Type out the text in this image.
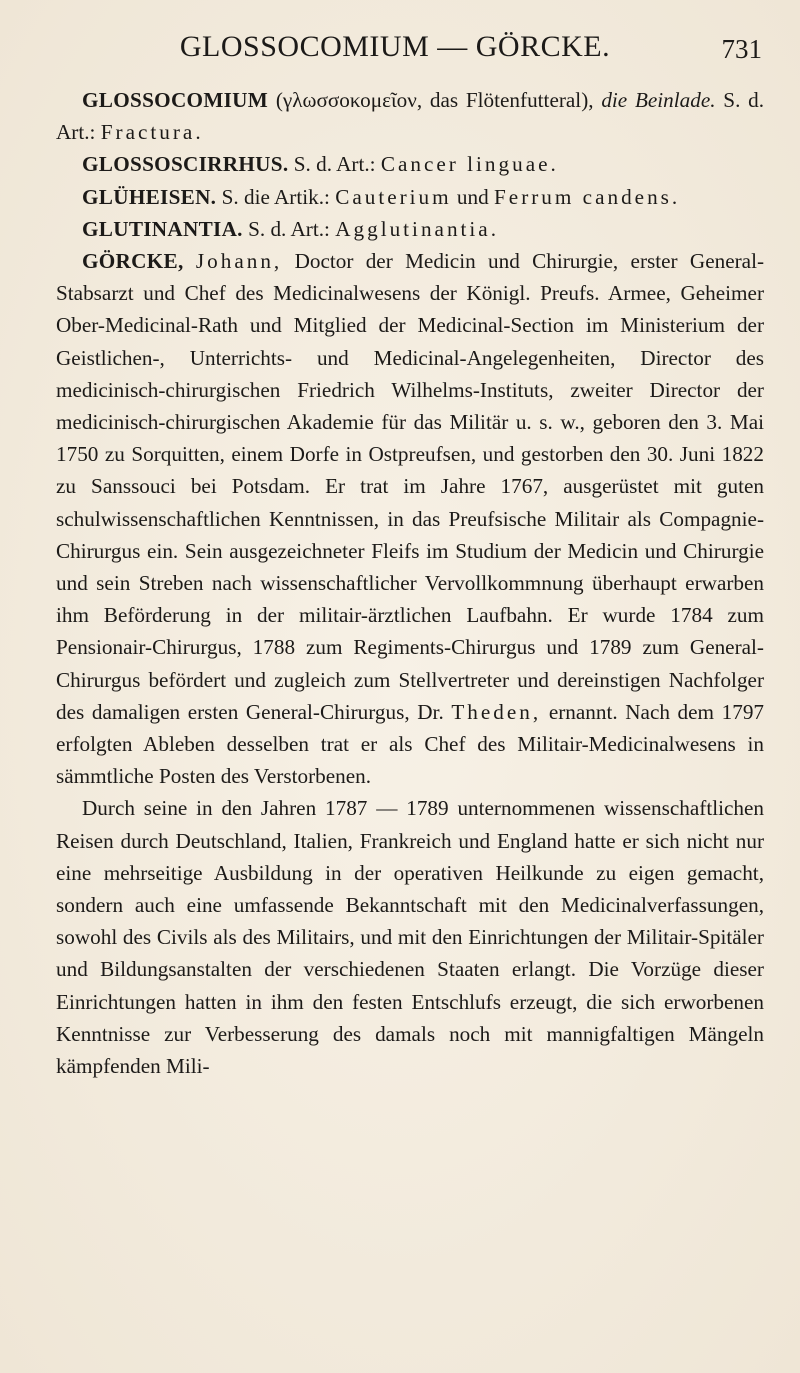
GLOSSOCOMIUM — GÖRCKE.	731

GLOSSOCOMIUM (γλωσσοκομεῖον, das Flötenfutteral), die Beinlade. S. d. Art.: Fractura.

GLOSSOSCIRRHUS. S. d. Art.: Cancer linguae.

GLÜHEISEN. S. die Artik.: Cauterium und Ferrum candens.

GLUTINANTIA. S. d. Art.: Agglutinantia.

GÖRCKE, Johann, Doctor der Medicin und Chirurgie, erster General-Stabsarzt und Chef des Medicinalwesens der Königl. Preufs. Armee, Geheimer Ober-Medicinal-Rath und Mitglied der Medicinal-Section im Ministerium der Geistlichen-, Unterrichts- und Medicinal-Angelegenheiten, Director des medicinisch-chirurgischen Friedrich Wilhelms-Instituts, zweiter Director der medicinisch-chirurgischen Akademie für das Militär u. s. w., geboren den 3. Mai 1750 zu Sorquitten, einem Dorfe in Ostpreufsen, und gestorben den 30. Juni 1822 zu Sanssouci bei Potsdam. Er trat im Jahre 1767, ausgerüstet mit guten schulwissenschaftlichen Kenntnissen, in das Preufsische Militair als Compagnie-Chirurgus ein. Sein ausgezeichneter Fleifs im Studium der Medicin und Chirurgie und sein Streben nach wissenschaftlicher Vervollkommnung überhaupt erwarben ihm Beförderung in der militair-ärztlichen Laufbahn. Er wurde 1784 zum Pensionair-Chirurgus, 1788 zum Regiments-Chirurgus und 1789 zum General-Chirurgus befördert und zugleich zum Stellvertreter und dereinstigen Nachfolger des damaligen ersten General-Chirurgus, Dr. Theden, ernannt. Nach dem 1797 erfolgten Ableben desselben trat er als Chef des Militair-Medicinalwesens in sämmtliche Posten des Verstorbenen.

Durch seine in den Jahren 1787 — 1789 unternommenen wissenschaftlichen Reisen durch Deutschland, Italien, Frankreich und England hatte er sich nicht nur eine mehrseitige Ausbildung in der operativen Heilkunde zu eigen gemacht, sondern auch eine umfassende Bekanntschaft mit den Medicinalverfassungen, sowohl des Civils als des Militairs, und mit den Einrichtungen der Militair-Spitäler und Bildungsanstalten der verschiedenen Staaten erlangt. Die Vorzüge dieser Einrichtungen hatten in ihm den festen Entschlufs erzeugt, die sich erworbenen Kenntnisse zur Verbesserung des damals noch mit mannigfaltigen Mängeln kämpfenden Mili-
